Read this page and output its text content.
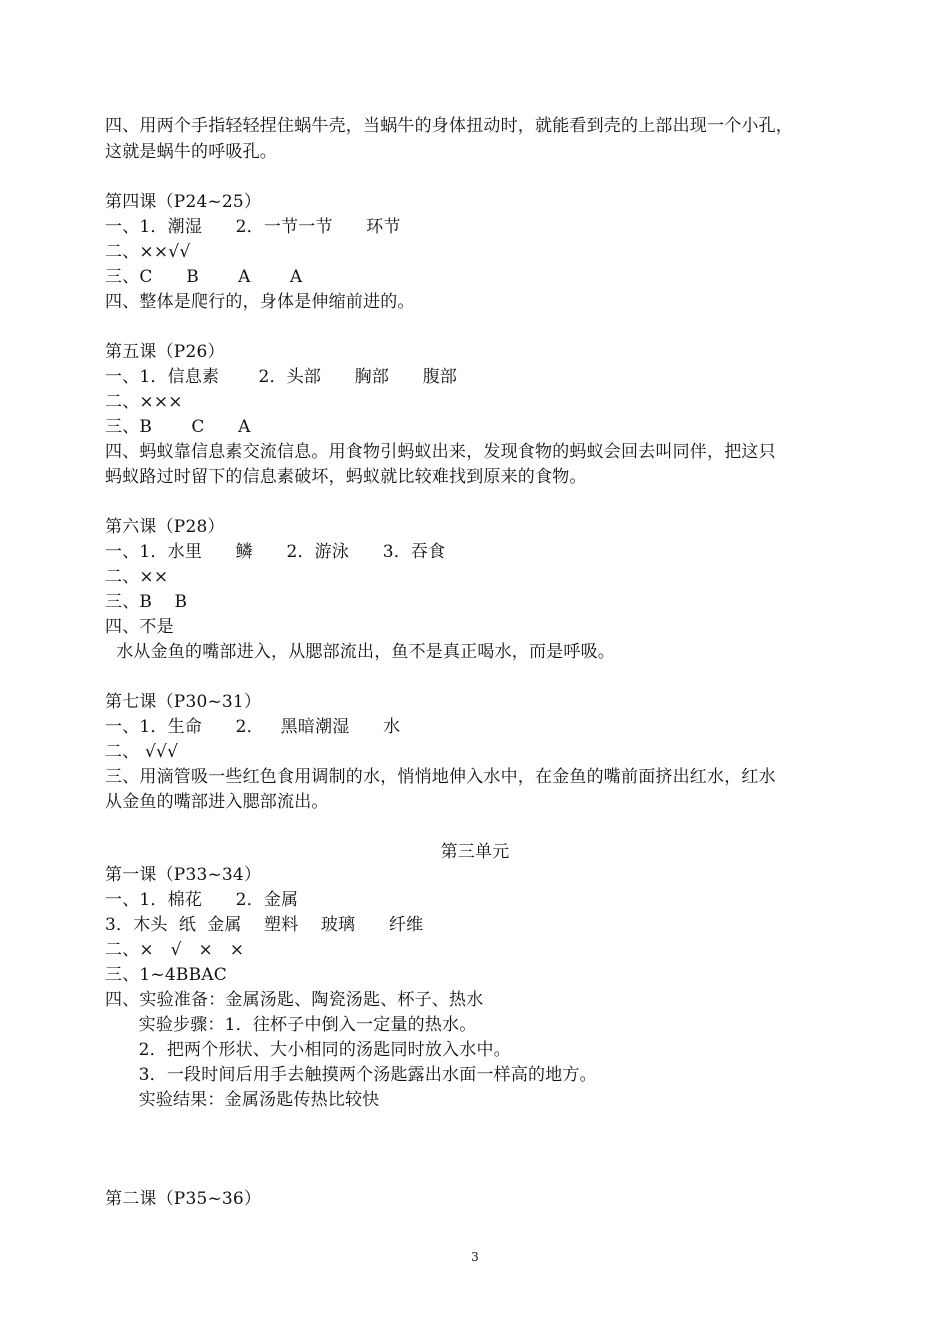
四、用两个手指轻轻捏住蜗牛壳，当蜗牛的身体扭动时，就能看到壳的上部出现一个小孔，
这就是蜗牛的呼吸孔。
第四课（P24~25）
一、1．潮湿      2．一节一节      环节
二、××√√
三、C      B       A       A
四、整体是爬行的，身体是伸缩前进的。
第五课（P26）
一、1．信息素       2．头部      胸部      腹部
二、×××
三、B       C      A
四、蚂蚁靠信息素交流信息。用食物引蚂蚁出来，发现食物的蚂蚁会回去叫同伴，把这只
蚂蚁路过时留下的信息素破坏，蚂蚁就比较难找到原来的食物。
第六课（P28）
一、1．水里      鳞      2．游泳      3．吞食
二、××
三、B    B
四、不是
水从金鱼的嘴部进入，从腮部流出，鱼不是真正喝水，而是呼吸。
第七课（P30~31）
一、1．生命      2．   黑暗潮湿      水
二、 √√√
三、用滴管吸一些红色食用调制的水，悄悄地伸入水中，在金鱼的嘴前面挤出红水，红水
从金鱼的嘴部进入腮部流出。
第三单元
第一课（P33~34）
一、1．棉花      2．金属
3．木头  纸  金属    塑料    玻璃      纤维
二、×   √   ×   ×
三、1~4BBAC
四、实验准备：金属汤匙、陶瓷汤匙、杯子、热水
实验步骤：1．往杯子中倒入一定量的热水。
2．把两个形状、大小相同的汤匙同时放入水中。
3．一段时间后用手去触摸两个汤匙露出水面一样高的地方。
实验结果：金属汤匙传热比较快
第二课（P35~36）
3
